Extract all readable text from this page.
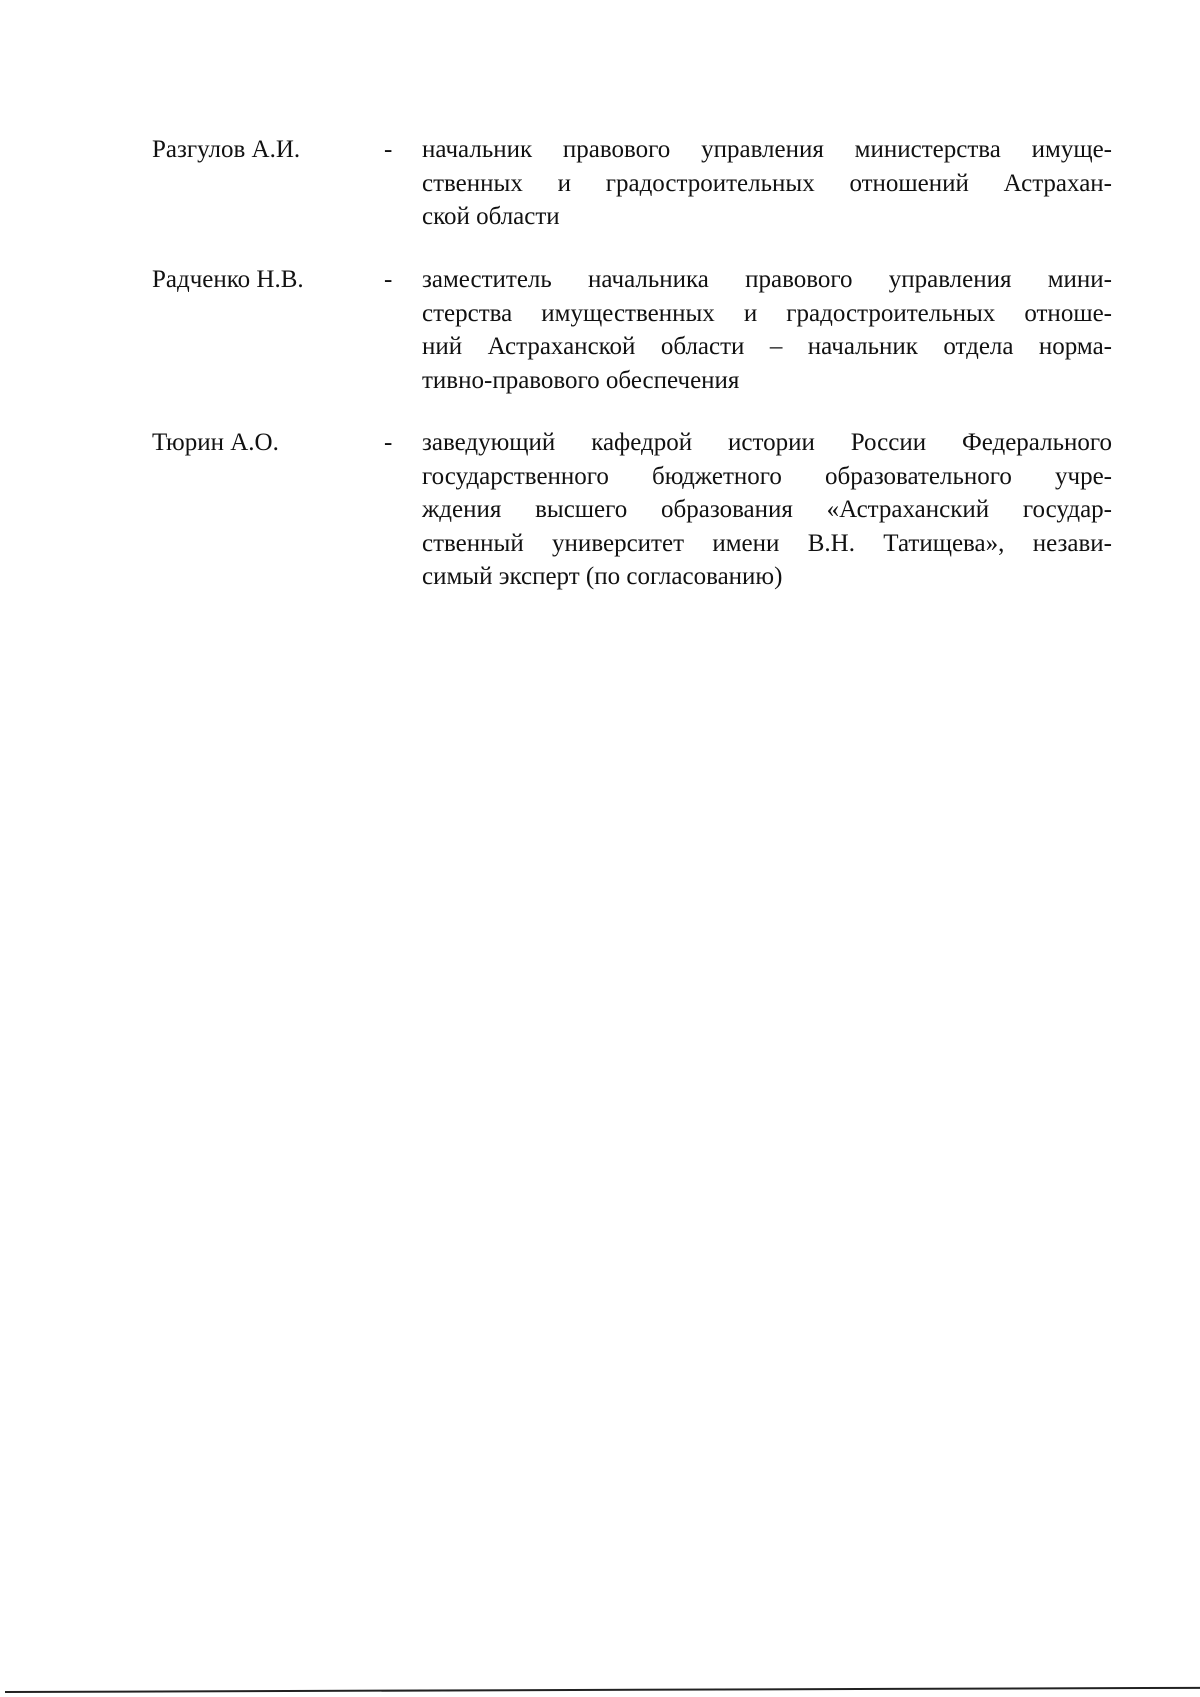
Разгулов А.И.	- начальник правового управления министерства имуще-
ственных и градостроительных отношений Астрахан-
ской области
Радченко Н.В.	- заместитель начальника правового управления мини-
стерства имущественных и градостроительных отноше-
ний Астраханской области – начальник отдела норма-
тивно-правового обеспечения
Тюрин А.О.	- заведующий кафедрой истории России Федерального
государственного бюджетного образовательного учре-
ждения высшего образования «Астраханский государ-
ственный университет имени В.Н. Татищева», незави-
симый эксперт (по согласованию)
